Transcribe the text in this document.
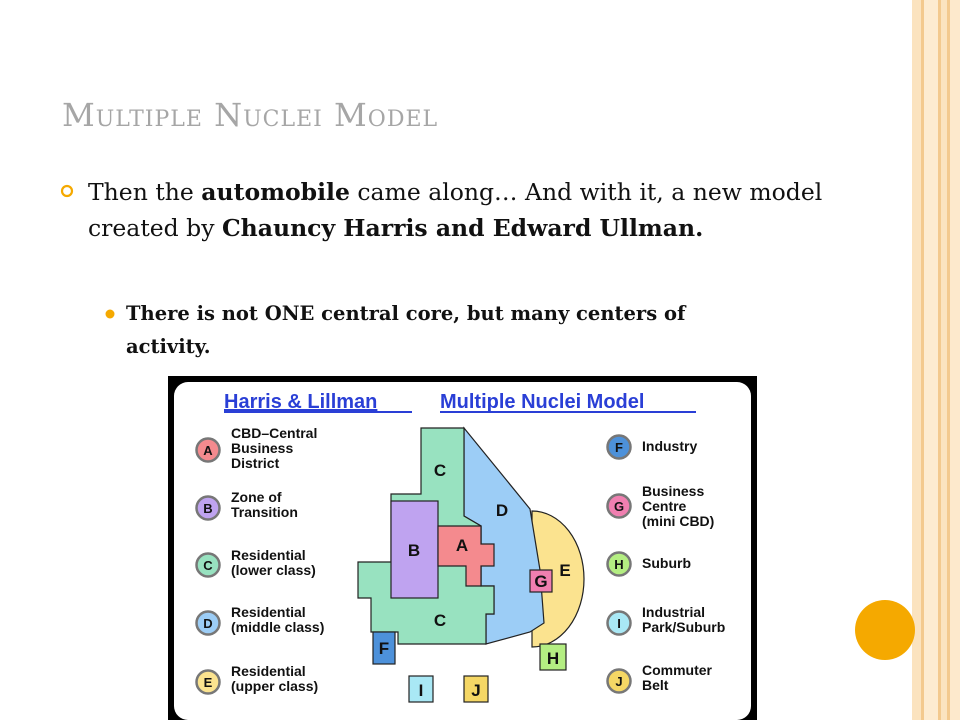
Multiple Nuclei Model
Then the automobile came along… And with it, a new model created by Chauncy Harris and Edward Ullman.
There is not ONE central core, but many centers of activity.
Harris & Lillman	Multiple Nuclei Model
C
D
B A
E
G
C
F
H
I	J
A
CBD–Central Business District
B
Zone of Transition
C
Residential (lower class)
D
Residential (middle class)
E
Residential (upper class)
F Industry
G
Business Centre (mini CBD)
H Suburb
I
Industrial Park/Suburb
J
Commuter Belt
